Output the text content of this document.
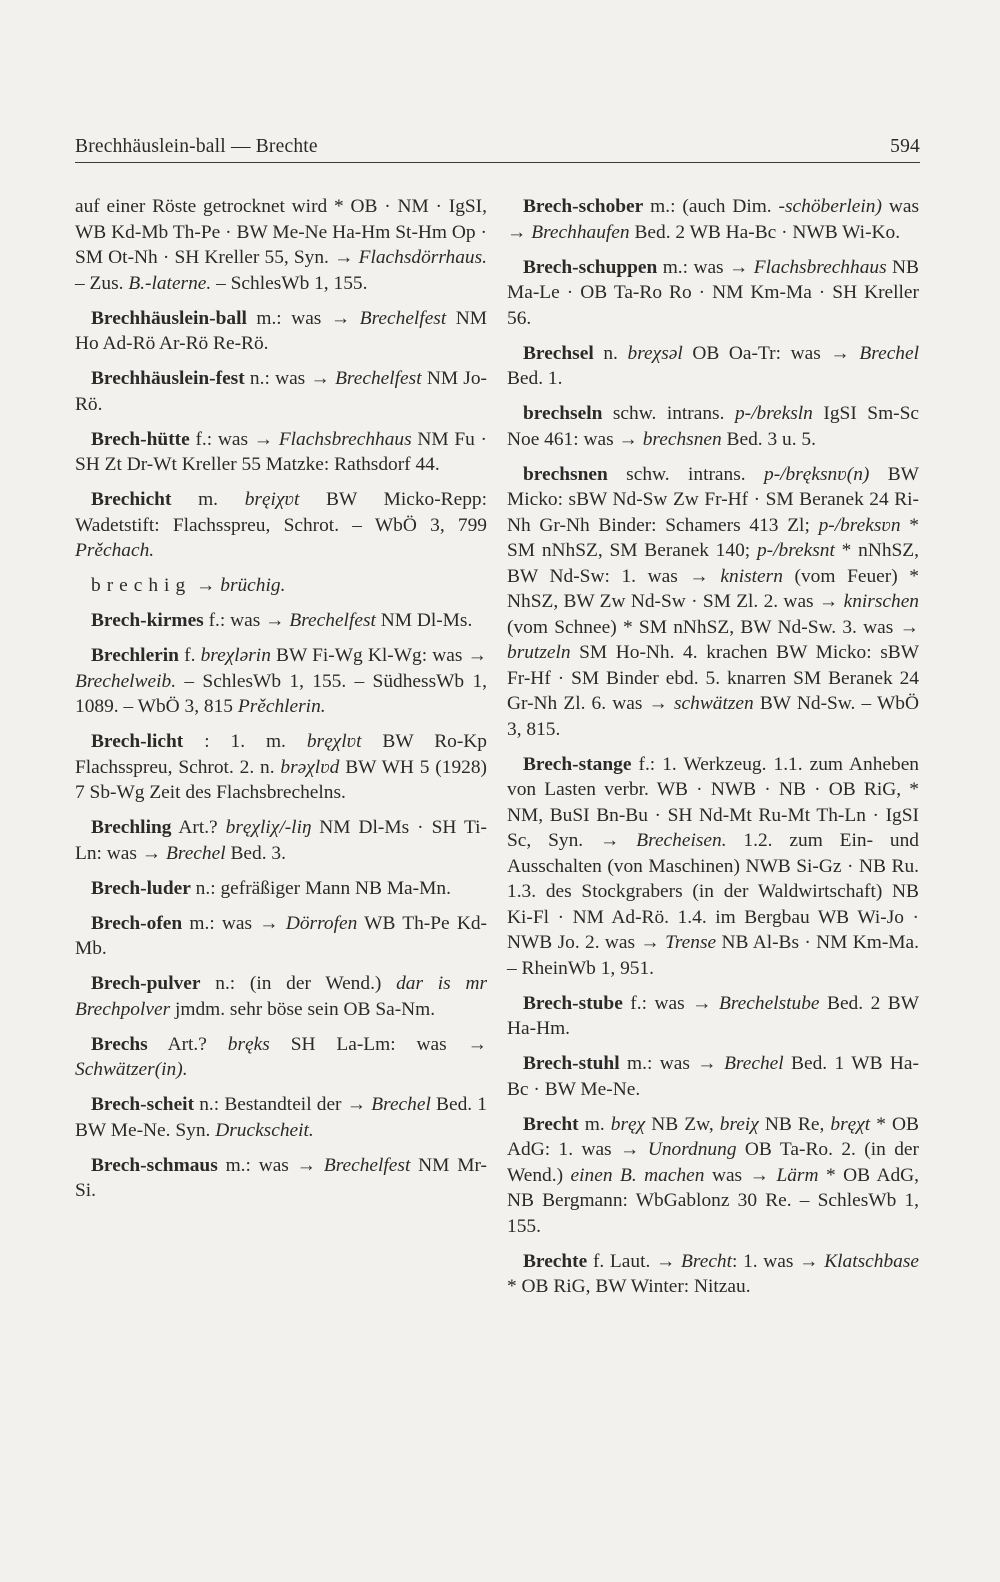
Brechhäuslein-ball — Brechte	594

auf einer Röste getrocknet wird * OB · NM · IgSI, WB Kd-Mb Th-Pe · BW Me-Ne Ha-Hm St-Hm Op · SM Ot-Nh · SH Kreller 55, Syn. → Flachsdörrhaus. – Zus. B.-laterne. – SchlesWb 1, 155.

Brechhäuslein-ball m.: was → Brechelfest NM Ho Ad-Rö Ar-Rö Re-Rö.

Brechhäuslein-fest n.: was → Brechelfest NM Jo-Rö.

Brech-hütte f.: was → Flachsbrechhaus NM Fu · SH Zt Dr-Wt Kreller 55 Matzke: Rathsdorf 44.

Brechicht m. bręiχʋt BW Micko-Repp: Wadetstift: Flachsspreu, Schrot. – WbÖ 3, 799 Prěchach.

brechig → brüchig.

Brech-kirmes f.: was → Brechelfest NM Dl-Ms.

Brechlerin f. breχlərin BW Fi-Wg Kl-Wg: was → Brechelweib. – SchlesWb 1, 155. – SüdhessWb 1, 1089. – WbÖ 3, 815 Prěchlerin.

Brech-licht : 1. m. bręχlʋt BW Ro-Kp Flachsspreu, Schrot. 2. n. brəχlʋd BW WH 5 (1928) 7 Sb-Wg Zeit des Flachsbrechelns.

Brechling Art.? bręχliχ/-liŋ NM Dl-Ms · SH Ti-Ln: was → Brechel Bed. 3.

Brech-luder n.: gefräßiger Mann NB Ma-Mn.

Brech-ofen m.: was → Dörrofen WB Th-Pe Kd-Mb.

Brech-pulver n.: (in der Wend.) dar is mr Brechpolver jmdm. sehr böse sein OB Sa-Nm.

Brechs Art.? bręks SH La-Lm: was → Schwätzer(in).

Brech-scheit n.: Bestandteil der → Brechel Bed. 1 BW Me-Ne. Syn. Druckscheit.

Brech-schmaus m.: was → Brechelfest NM Mr-Si.

Brech-schober m.: (auch Dim. -schöberlein) was → Brechhaufen Bed. 2 WB Ha-Bc · NWB Wi-Ko.

Brech-schuppen m.: was → Flachsbrechhaus NB Ma-Le · OB Ta-Ro Ro · NM Km-Ma · SH Kreller 56.

Brechsel n. breχsəl OB Oa-Tr: was → Brechel Bed. 1.

brechseln schw. intrans. p-/breksln IgSI Sm-Sc Noe 461: was → brechsnen Bed. 3 u. 5.

brechsnen schw. intrans. p-/bręksnʋ(n) BW Micko: sBW Nd-Sw Zw Fr-Hf · SM Beranek 24 Ri-Nh Gr-Nh Binder: Schamers 413 Zl; p-/breksʋn * SM nNhSZ, SM Beranek 140; p-/breksnt * nNhSZ, BW Nd-Sw: 1. was → knistern (vom Feuer) * NhSZ, BW Zw Nd-Sw · SM Zl. 2. was → knirschen (vom Schnee) * SM nNhSZ, BW Nd-Sw. 3. was → brutzeln SM Ho-Nh. 4. krachen BW Micko: sBW Fr-Hf · SM Binder ebd. 5. knarren SM Beranek 24 Gr-Nh Zl. 6. was → schwätzen BW Nd-Sw. – WbÖ 3, 815.

Brech-stange f.: 1. Werkzeug. 1.1. zum Anheben von Lasten verbr. WB · NWB · NB · OB RiG, * NM, BuSI Bn-Bu · SH Nd-Mt Ru-Mt Th-Ln · IgSI Sc, Syn. → Brecheisen. 1.2. zum Ein- und Ausschalten (von Maschinen) NWB Si-Gz · NB Ru. 1.3. des Stockgrabers (in der Waldwirtschaft) NB Ki-Fl · NM Ad-Rö. 1.4. im Bergbau WB Wi-Jo · NWB Jo. 2. was → Trense NB Al-Bs · NM Km-Ma. – RheinWb 1, 951.

Brech-stube f.: was → Brechelstube Bed. 2 BW Ha-Hm.

Brech-stuhl m.: was → Brechel Bed. 1 WB Ha-Bc · BW Me-Ne.

Brecht m. bręχ NB Zw, breiχ NB Re, bręχt * OB AdG: 1. was → Unordnung OB Ta-Ro. 2. (in der Wend.) einen B. machen was → Lärm * OB AdG, NB Bergmann: WbGablonz 30 Re. – SchlesWb 1, 155.

Brechte f. Laut. → Brecht: 1. was → Klatschbase * OB RiG, BW Winter: Nitzau.
